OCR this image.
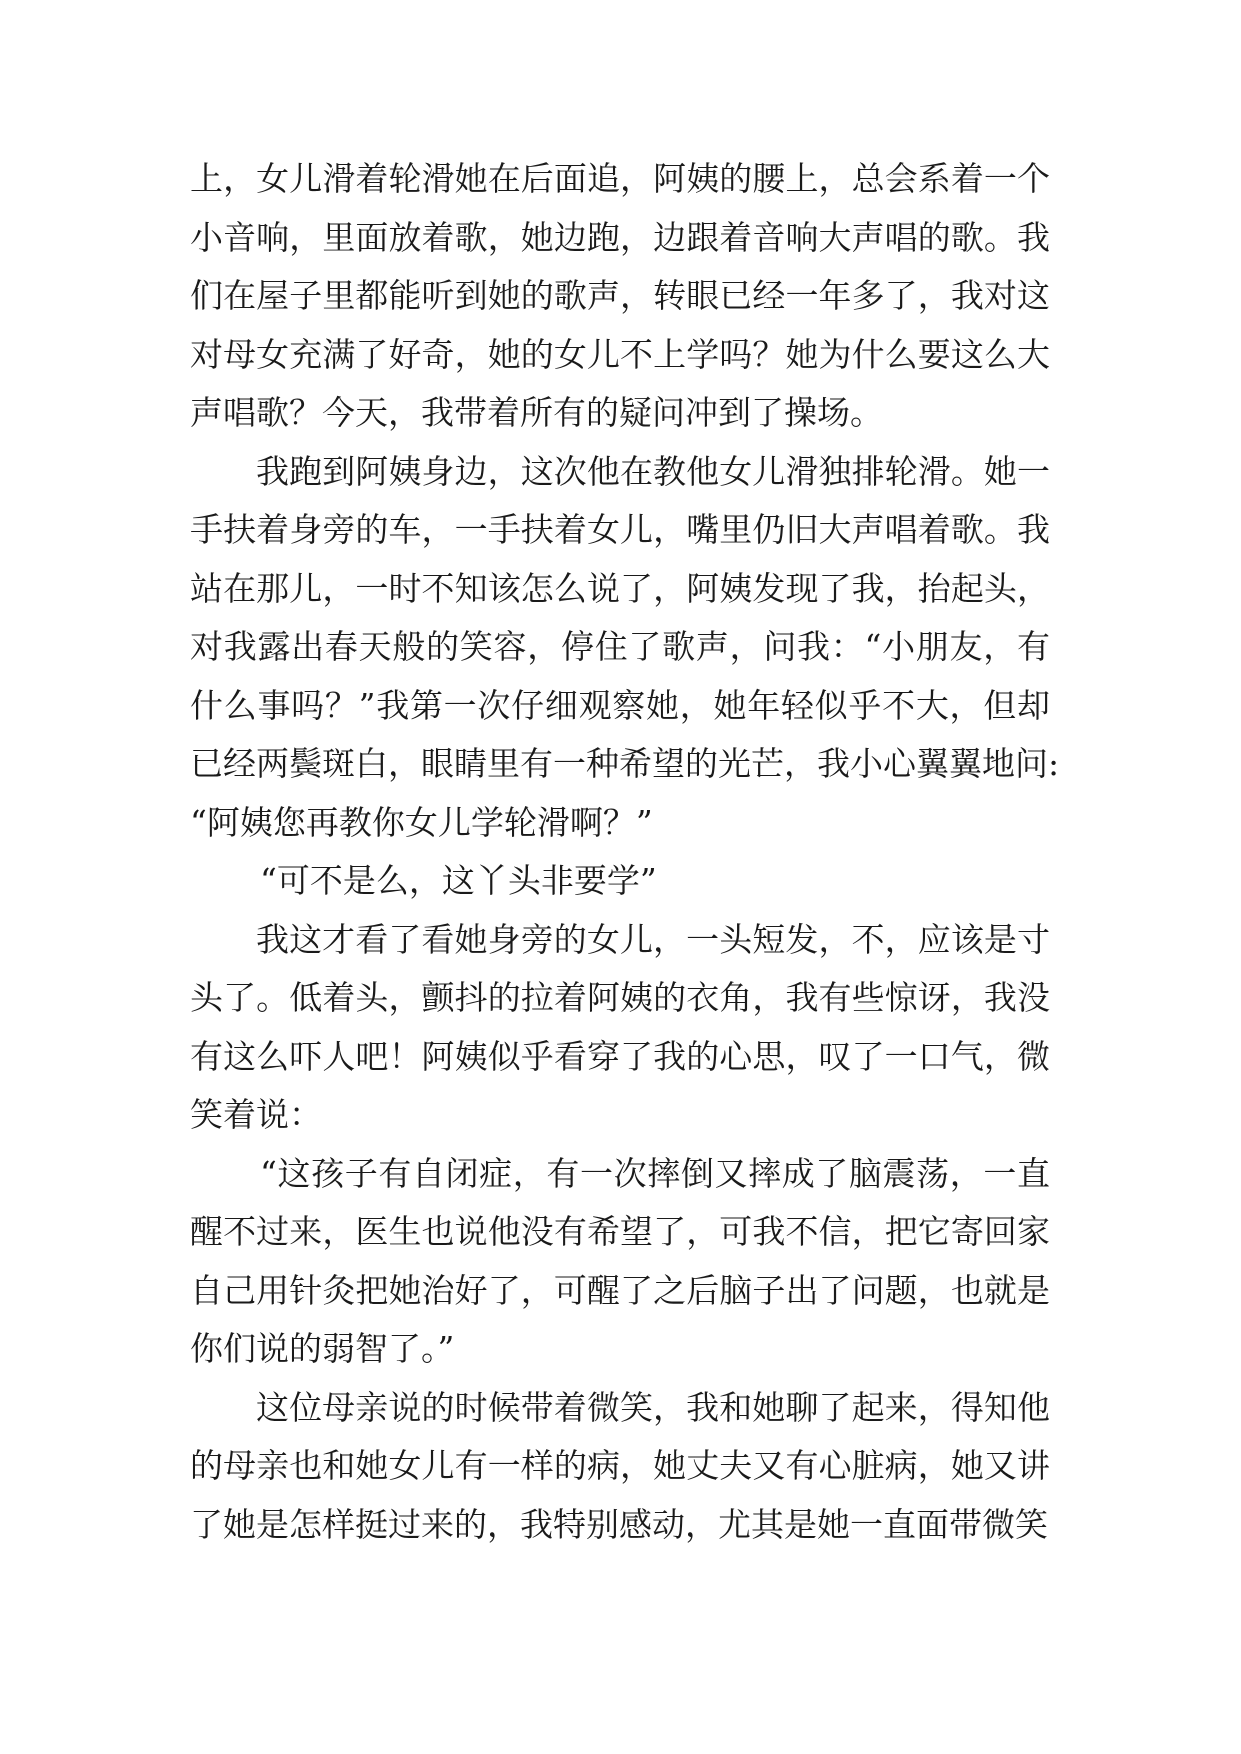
上，女儿滑着轮滑她在后面追，阿姨的腰上，总会系着一个
小音响，里面放着歌，她边跑，边跟着音响大声唱的歌。我
们在屋子里都能听到她的歌声，转眼已经一年多了，我对这
对母女充满了好奇，她的女儿不上学吗？她为什么要这么大
声唱歌？今天，我带着所有的疑问冲到了操场。
我跑到阿姨身边，这次他在教他女儿滑独排轮滑。她一
手扶着身旁的车，一手扶着女儿，嘴里仍旧大声唱着歌。我
站在那儿，一时不知该怎么说了，阿姨发现了我，抬起头，
对我露出春天般的笑容，停住了歌声，问我：“小朋友，有
什么事吗？”我第一次仔细观察她，她年轻似乎不大，但却
已经两鬓斑白，眼睛里有一种希望的光芒，我小心翼翼地问:
“阿姨您再教你女儿学轮滑啊？”
“可不是么，这丫头非要学”
我这才看了看她身旁的女儿，一头短发，不，应该是寸
头了。低着头，颤抖的拉着阿姨的衣角，我有些惊讶，我没
有这么吓人吧！阿姨似乎看穿了我的心思，叹了一口气，微
笑着说：
“这孩子有自闭症，有一次摔倒又摔成了脑震荡，一直
醒不过来，医生也说他没有希望了，可我不信，把它寄回家
自己用针灸把她治好了，可醒了之后脑子出了问题，也就是
你们说的弱智了。”
这位母亲说的时候带着微笑，我和她聊了起来，得知他
的母亲也和她女儿有一样的病，她丈夫又有心脏病，她又讲
了她是怎样挺过来的，我特别感动，尤其是她一直面带微笑
